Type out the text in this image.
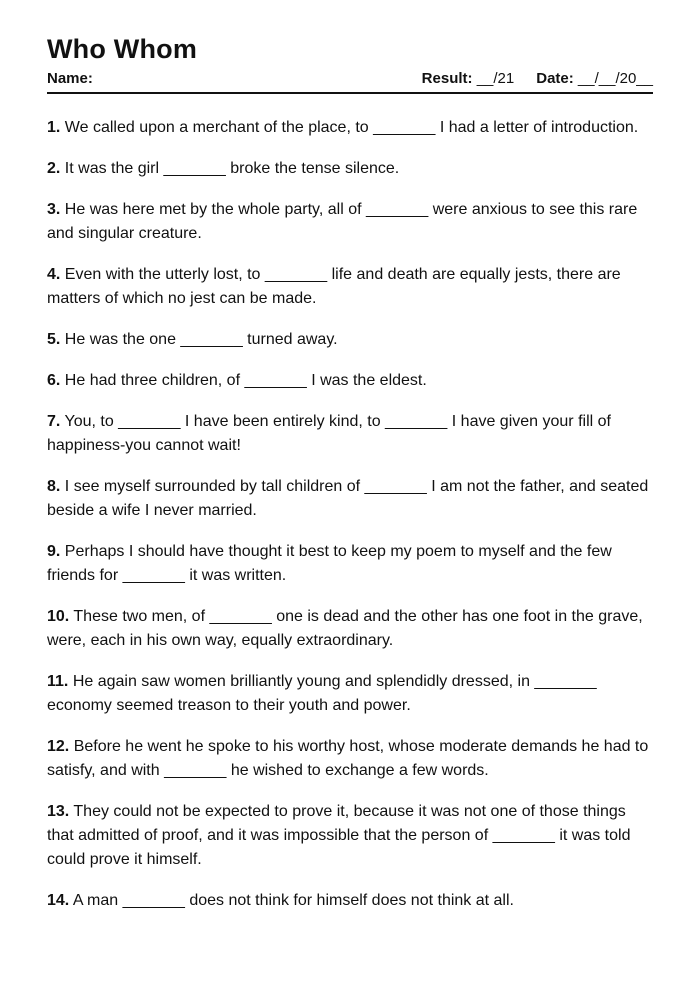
Who Whom
Name:	Result: __/21 Date: __/__/20__

1. We called upon a merchant of the place, to _______ I had a letter of introduction.

2. It was the girl _______ broke the tense silence.

3. He was here met by the whole party, all of _______ were anxious to see this rare and singular creature.

4. Even with the utterly lost, to _______ life and death are equally jests, there are matters of which no jest can be made.

5. He was the one _______ turned away.

6. He had three children, of _______ I was the eldest.

7. You, to _______ I have been entirely kind, to _______ I have given your fill of happiness-you cannot wait!

8. I see myself surrounded by tall children of _______ I am not the father, and seated beside a wife I never married.

9. Perhaps I should have thought it best to keep my poem to myself and the few friends for _______ it was written.

10. These two men, of _______ one is dead and the other has one foot in the grave, were, each in his own way, equally extraordinary.

11. He again saw women brilliantly young and splendidly dressed, in _______ economy seemed treason to their youth and power.

12. Before he went he spoke to his worthy host, whose moderate demands he had to satisfy, and with _______ he wished to exchange a few words.

13. They could not be expected to prove it, because it was not one of those things that admitted of proof, and it was impossible that the person of _______ it was told could prove it himself.

14. A man _______ does not think for himself does not think at all.
